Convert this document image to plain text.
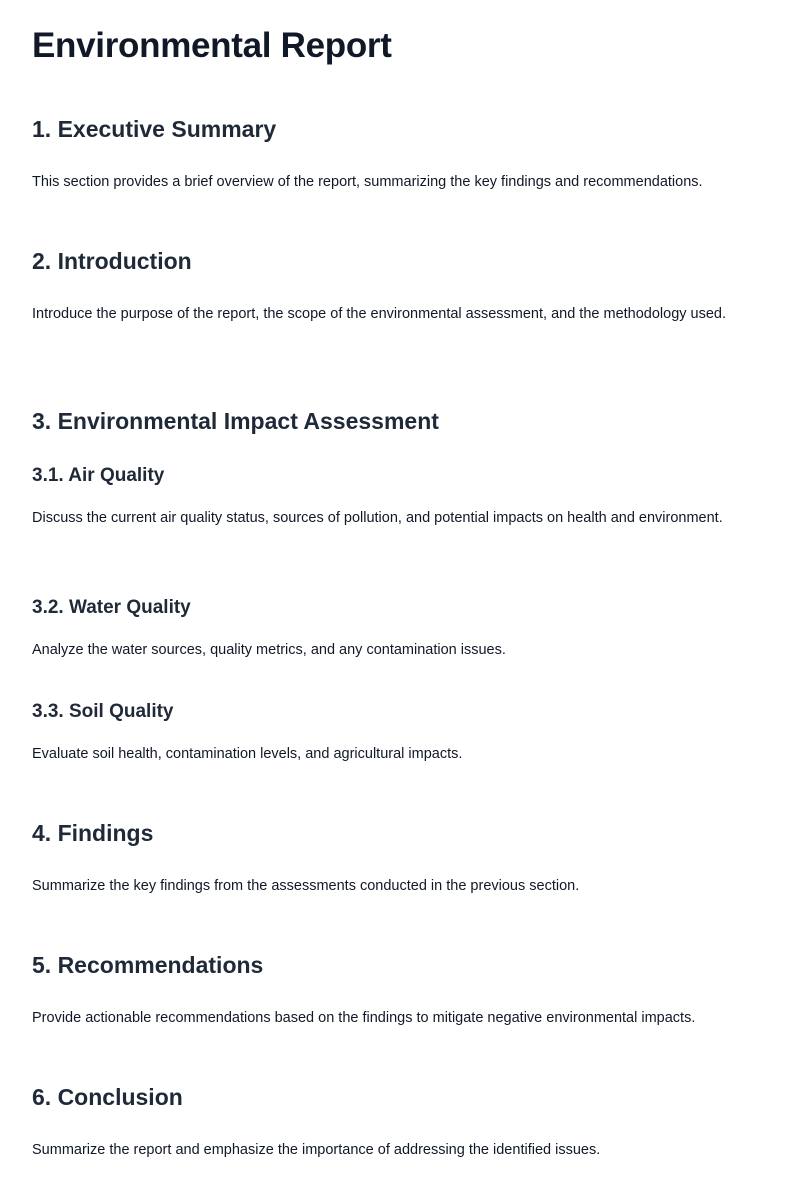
Environmental Report
1. Executive Summary

This section provides a brief overview of the report, summarizing the key findings and recommendations.

2. Introduction

Introduce the purpose of the report, the scope of the environmental assessment, and the methodology used.

3. Environmental Impact Assessment
3.1. Air Quality

Discuss the current air quality status, sources of pollution, and potential impacts on health and environment.

3.2. Water Quality

Analyze the water sources, quality metrics, and any contamination issues.

3.3. Soil Quality

Evaluate soil health, contamination levels, and agricultural impacts.

4. Findings

Summarize the key findings from the assessments conducted in the previous section.

5. Recommendations

Provide actionable recommendations based on the findings to mitigate negative environmental impacts.

6. Conclusion

Summarize the report and emphasize the importance of addressing the identified issues.
